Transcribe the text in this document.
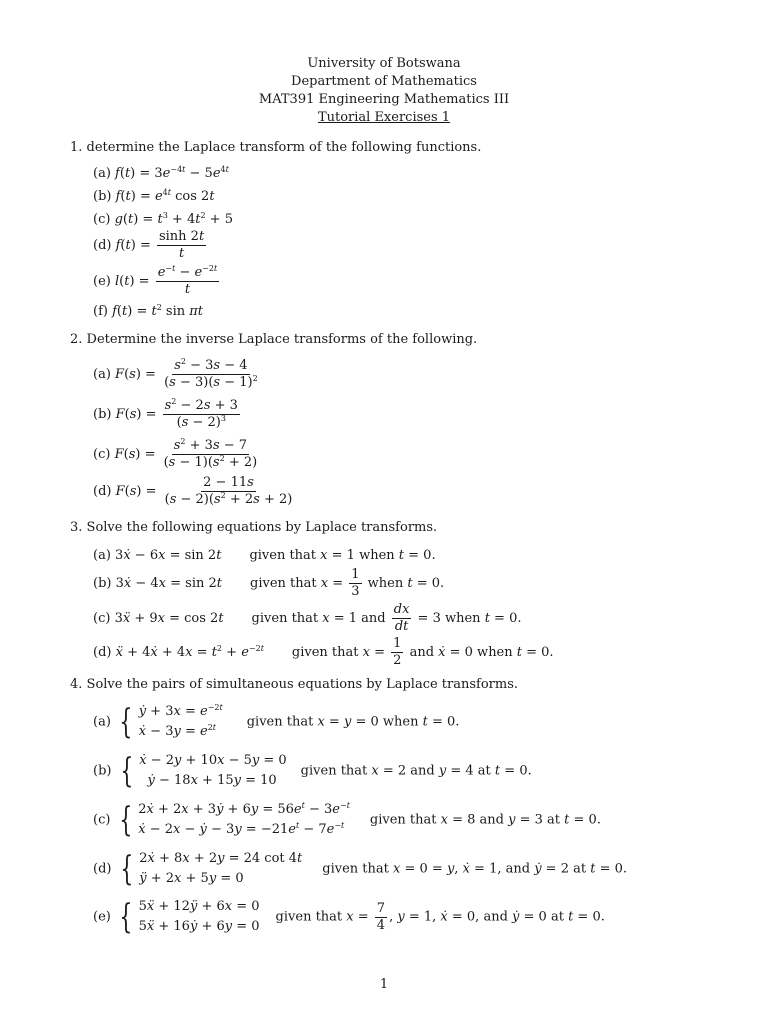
University of Botswana
Department of Mathematics
MAT391 Engineering Mathematics III
Tutorial Exercises 1
1. determine the Laplace transform of the following functions.
(a) $f(t) = 3e^{-4t} - 5e^{4t}$
(b) $f(t) = e^{4t}$ cos 2t
(c) $g(t) = t^3 + 4t^2 + 5$
(d) $f(t) = \frac{\sinh 2t}{t}$
(e) $l(t) = \frac{e^{-t} - e^{-2t}}{t}$
(f) $f(t) = t^2$ sin πt
2. Determine the inverse Laplace transforms of the following.
(a) $F(s) = \frac{s^2 - 3s - 4}{(s - 3)(s - 1)^2}$
(b) $F(s) = \frac{s^2 - 2s + 3}{(s - 2)^3}$
(c) $F(s) = \frac{s^2 + 3s - 7}{(s - 1)(s^2 + 2)}$
(d) $F(s) = \frac{2 - 11s}{(s - 2)(s^2 + 2s + 2)}$
3. Solve the following equations by Laplace transforms.
(a) 3ẋ − 6x = sin 2t given that x = 1 when t = 0.
(b) 3ẋ − 4x = sin 2t given that $x = \frac{1}{3}$ when t = 0.
(c) 3ẍ + 9x = cos 2t given that x = 1 and $\frac{dx}{dt} = 3$ when t = 0.
(d) ẍ + 4ẋ + $4x = t^2 + e^{-2t}$ given that $x = \frac{1}{2}$ and ẋ = 0 when t = 0.
4. Solve the pairs of simultaneous equations by Laplace transforms.
(a) { ẏ + $3x = e^{-2t}$
ẋ − $3y = e^{2t}$	given that x = y = 0 when t = 0.
(b) { ẋ − 2y + 10x − 5y = 0
ẏ − 18x + 15y = 10
given that x = 2 and y = 4 at t = 0.
(c) { 2ẋ + 2x + 3ẏ + $6y = 56e^t - 3e^{-t}$
ẋ − 2x − ẏ − $3y = -21e^t - 7e^{-t}$	given that x = 8 and y = 3 at t = 0.
(d) { 2ẋ + 8x + 2y = 24 cot 4t
ÿ + 2x + 5y = 0
given that x = 0 = y, ẋ = 1, and ẏ = 2 at t = 0.
(e) { 5ẍ + 12ÿ + 6x = 0
5ẍ + 16ẏ + 6y = 0
given that $x = \frac{7}{4}$ , y = 1, ẋ = 0, and ẏ = 0 at t = 0.
1
